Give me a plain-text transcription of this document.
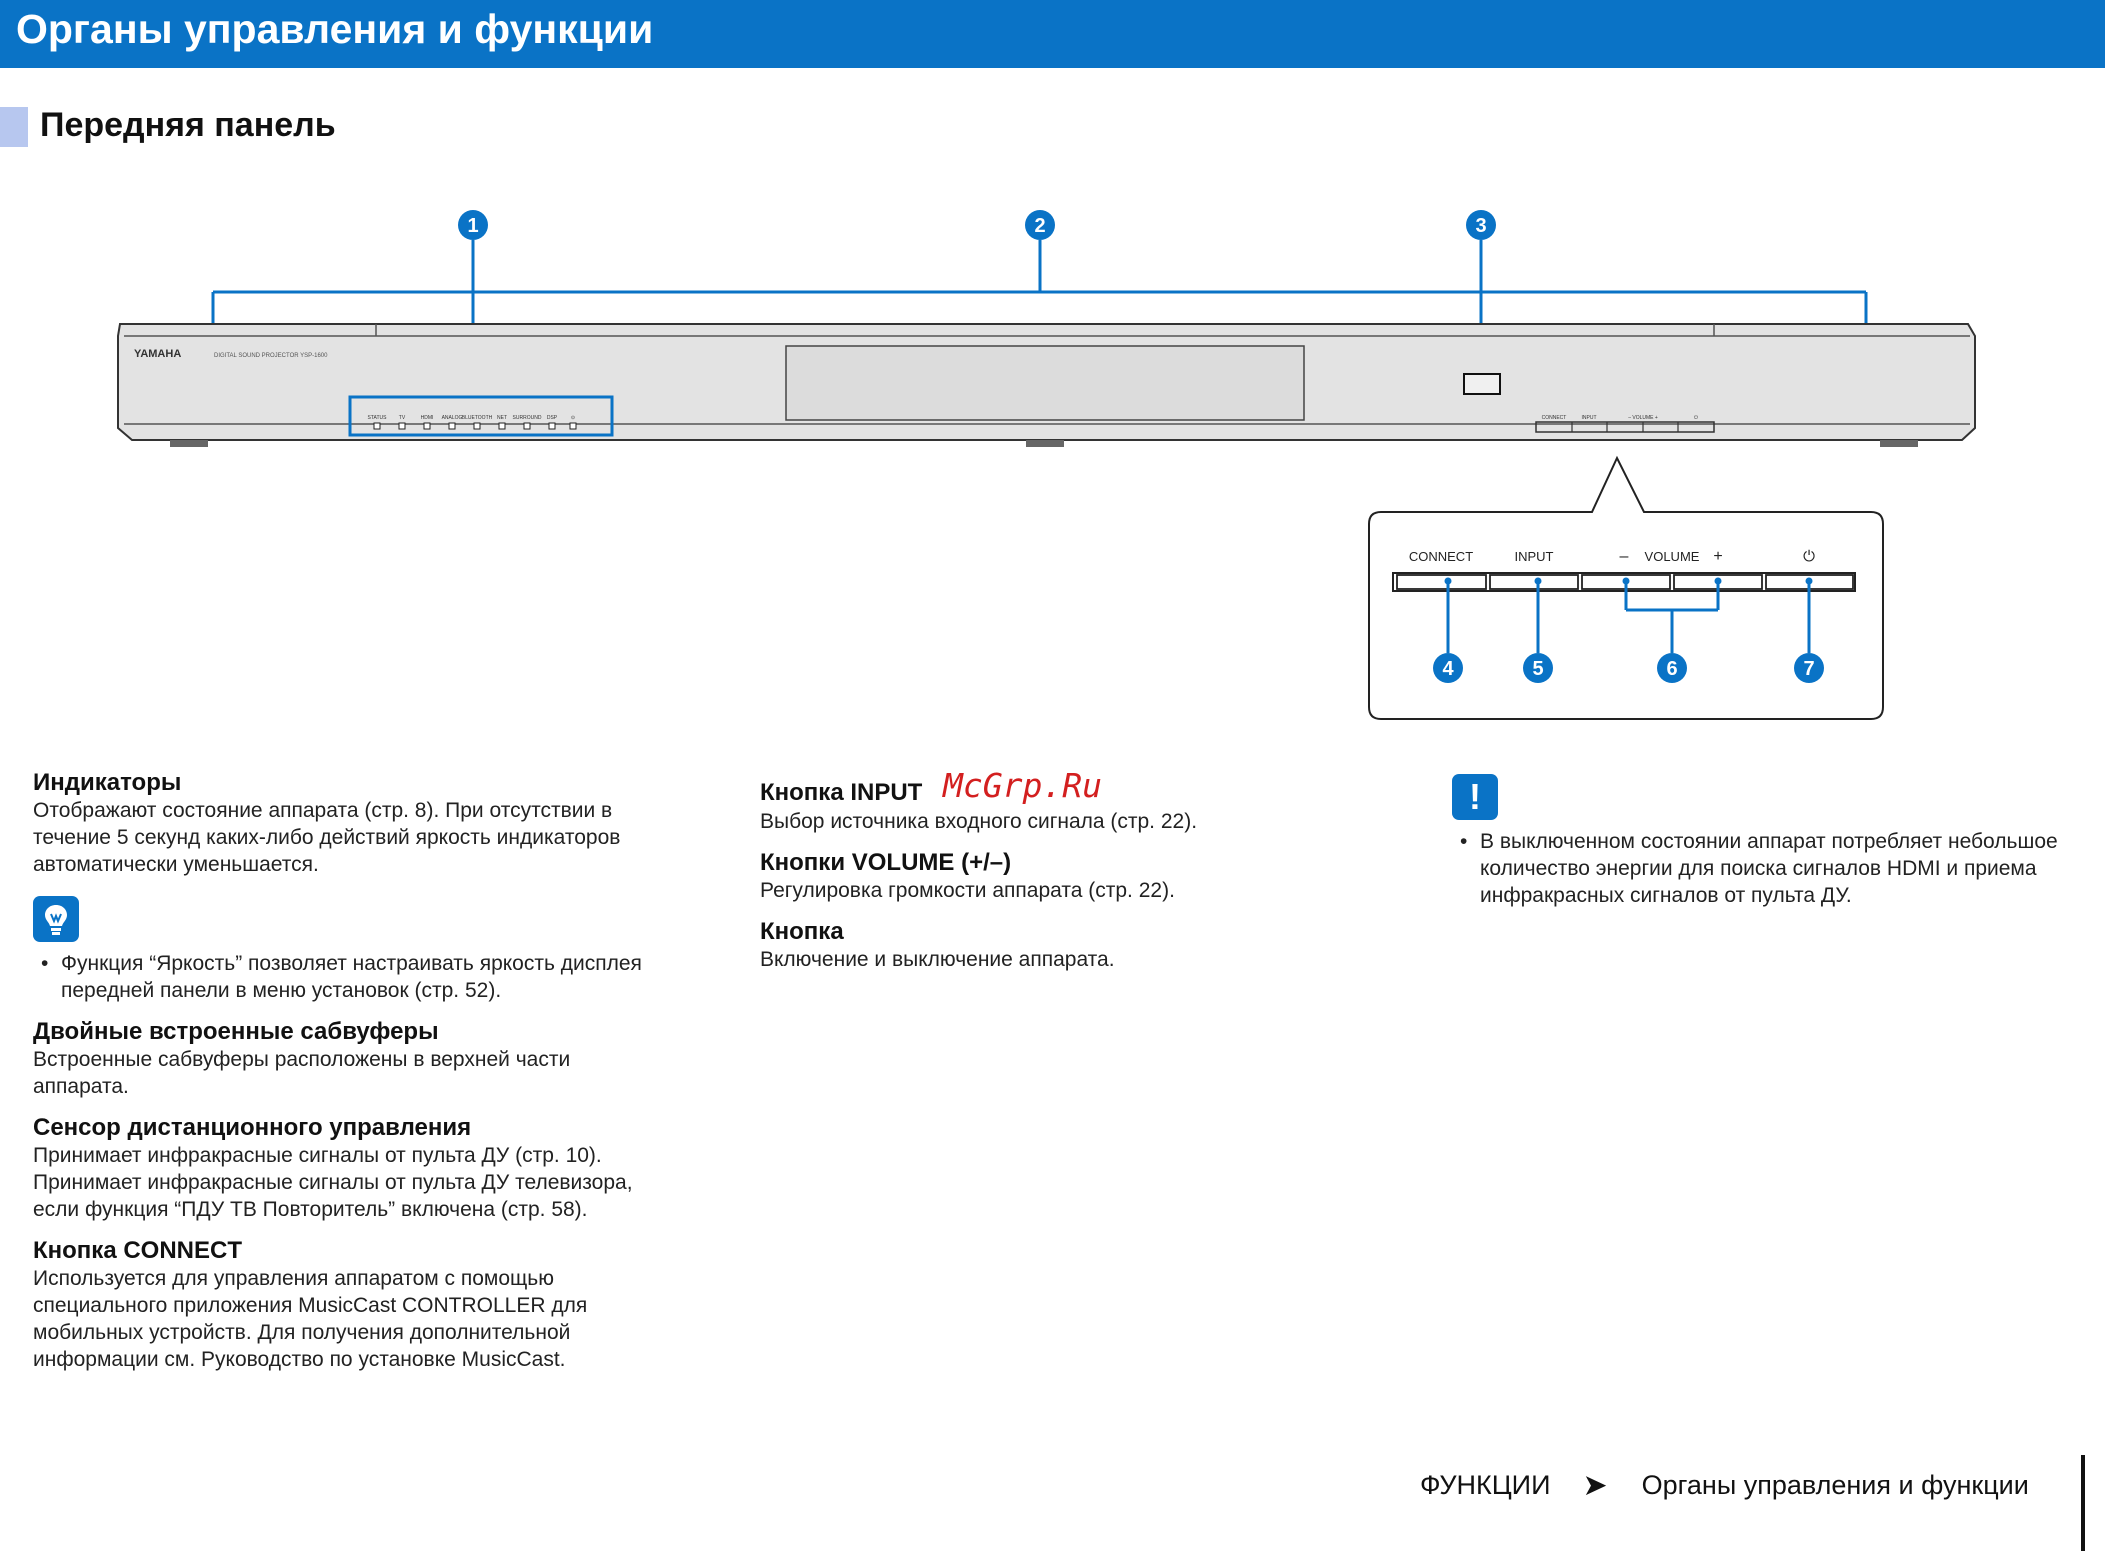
Органы управления и функции
Передняя панель
YAMAHA	DIGITAL SOUND PROJECTOR YSP-1600
STATUS TV	HDMI ANALOG BLUETOOTH NET SURROUND DSP	⊙	CONNECT	INPUT	– VOLUME +	⏻
CONNECT	INPUT	– VOLUME +	⏻
1	2	3
4	5	6	7
Индикаторы

Отображают состояние аппарата (стр. 8). При отсутствии в течение 5 секунд каких-либо действий яркость индикаторов автоматически уменьшается.

• Функция “Яркость” позволяет настраивать яркость дисплея передней панели в меню установок (стр. 52).

Двойные встроенные сабвуферы

Встроенные сабвуферы расположены в верхней части аппарата.

Сенсор дистанционного управления

Принимает инфракрасные сигналы от пульта ДУ (стр. 10).

Принимает инфракрасные сигналы от пульта ДУ телевизора, если функция “ПДУ ТВ Повторитель” включена (стр. 58).

Кнопка CONNECT

Используется для управления аппаратом с помощью специального приложения MusicCast CONTROLLER для мобильных устройств. Для получения дополнительной информации см. Руководство по установке MusicCast.

Кнопка INPUT McGrp.Ru

Выбор источника входного сигнала (стр. 22).

Кнопки VOLUME (+/–)

Регулировка громкости аппарата (стр. 22).

Кнопка

Включение и выключение аппарата.

!

• В выключенном состоянии аппарат потребляет небольшое количество энергии для поиска сигналов HDMI и приема инфракрасных сигналов от пульта ДУ.

ФУНКЦИИ ➤ Органы управления и функции
